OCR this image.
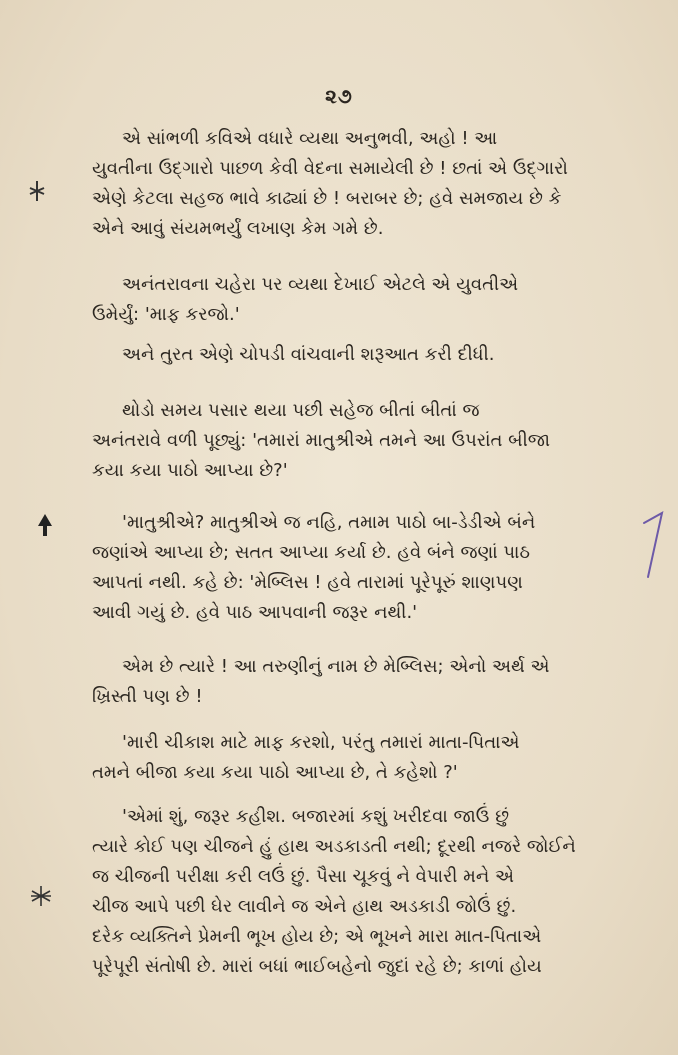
૨૭
એ સાંભળી કવિએ વધારે વ્યથા અનુભવી, અહો ! આ
યુવતીના ઉદ્‌ગારો પાછળ કેવી વેદના સમાયેલી છે ! છતાં એ ઉદ્‌ગારો
એણે કેટલા સહજ ભાવે કાઢ્યાં છે ! બરાબર છે; હવે સમજાય છે કે
એને આવું સંયમભર્યું લખાણ કેમ ગમે છે.
અનંતરાવના ચહેરા પર વ્યથા દેખાઈ એટલે એ યુવતીએ
ઉમેર્યું: 'માફ કરજો.'
અને તુરત એણે ચોપડી વાંચવાની શરૂઆત કરી દીધી.
થોડો સમય પસાર થયા પછી સહેજ બીતાં બીતાં જ
અનંતરાવે વળી પૂછ્યું: 'તમારાં માતુશ્રીએ તમને આ ઉપરાંત બીજા
કયા કયા પાઠો આપ્યા છે?'
'માતુશ્રીએ? માતુશ્રીએ જ નહિ, તમામ પાઠો બા-ડેડીએ બંને
જણાંએ આપ્યા છે; સતત આપ્યા કર્યા છે. હવે બંને જણાં પાઠ
આપતાં નથી. કહે છે: 'મેબ્લિસ ! હવે તારામાં પૂરેપૂરું શાણપણ
આવી ગયું છે. હવે પાઠ આપવાની જરૂર નથી.'
એમ છે ત્યારે ! આ તરુણીનું નામ છે મેબ્લિસ; એનો અર્થ એ
ખ્રિસ્તી પણ છે !
'મારી ચીકાશ માટે માફ કરશો, પરંતુ તમારાં માતા-પિતાએ
તમને બીજા કયા કયા પાઠો આપ્યા છે, તે કહેશો ?'
'એમાં શું, જરૂર કહીશ. બજારમાં કશું ખરીદવા જાઉં છું
ત્યારે કોઈ પણ ચીજને હું હાથ અડકાડતી નથી; દૂરથી નજરે જોઈને
જ ચીજની પરીક્ષા કરી લઉં છું. પૈસા ચૂકવું ને વેપારી મને એ
ચીજ આપે પછી ઘેર લાવીને જ એને હાથ અડકાડી જોઉં છું.
દરેક વ્યક્તિને પ્રેમની ભૂખ હોય છે; એ ભૂખને મારા માત-પિતાએ
પૂરેપૂરી સંતોષી છે. મારાં બધાં ભાઈબહેનો જુદાં રહે છે; કાળાં હોય
